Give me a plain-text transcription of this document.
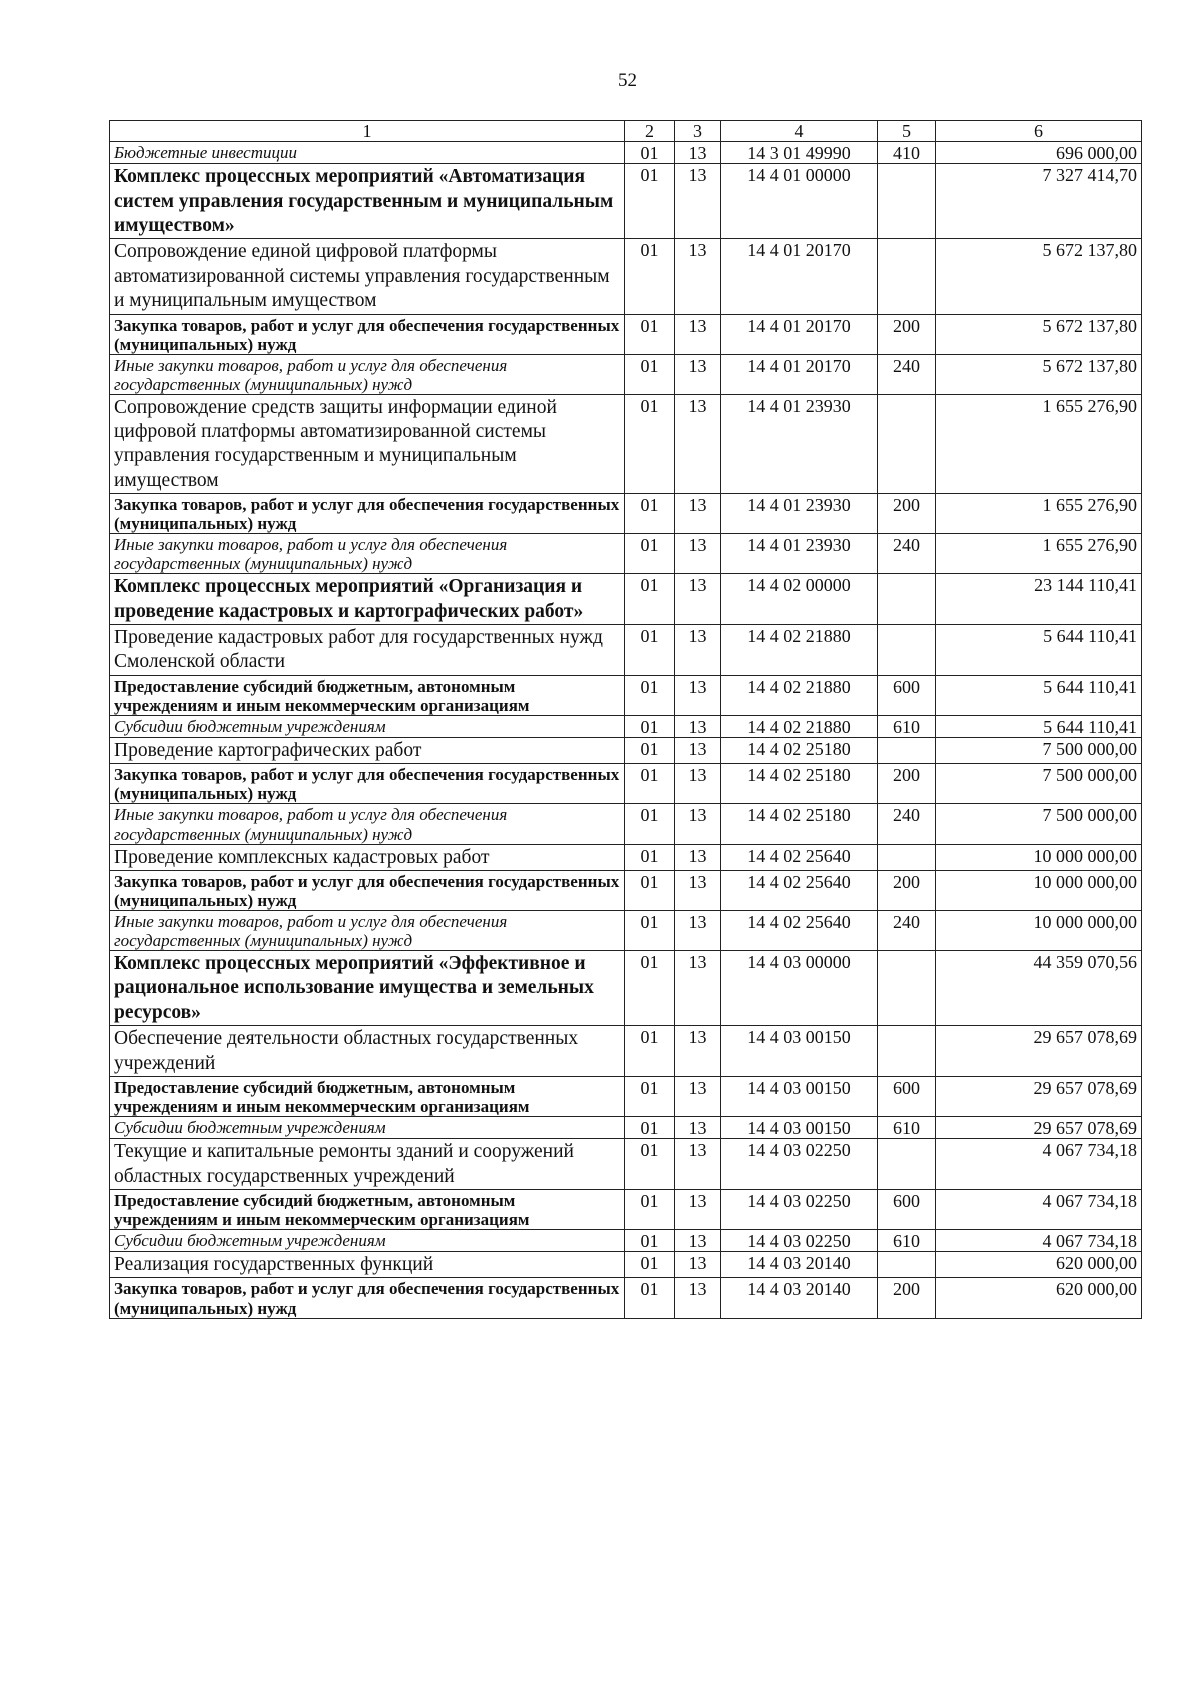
52
1	2	3	4	5	6
Бюджетные инвестиции	01	13	14 3 01 49990	410	696 000,00
Комплекс процессных мероприятий «Автоматизация систем управления государственным и муниципальным имуществом»	01	13	14 4 01 00000		7 327 414,70
Сопровождение единой цифровой платформы автоматизированной системы управления государственным и муниципальным имуществом	01	13	14 4 01 20170		5 672 137,80
Закупка товаров, работ и услуг для обеспечения государственных (муниципальных) нужд	01	13	14 4 01 20170	200	5 672 137,80
Иные закупки товаров, работ и услуг для обеспечения государственных (муниципальных) нужд	01	13	14 4 01 20170	240	5 672 137,80
Сопровождение средств защиты информации единой цифровой платформы автоматизированной системы управления государственным и муниципальным имуществом	01	13	14 4 01 23930		1 655 276,90
Закупка товаров, работ и услуг для обеспечения государственных (муниципальных) нужд	01	13	14 4 01 23930	200	1 655 276,90
Иные закупки товаров, работ и услуг для обеспечения государственных (муниципальных) нужд	01	13	14 4 01 23930	240	1 655 276,90
Комплекс процессных мероприятий «Организация и проведение кадастровых и картографических работ»	01	13	14 4 02 00000		23 144 110,41
Проведение кадастровых работ для государственных нужд Смоленской области	01	13	14 4 02 21880		5 644 110,41
Предоставление субсидий бюджетным, автономным учреждениям и иным некоммерческим организациям	01	13	14 4 02 21880	600	5 644 110,41
Субсидии бюджетным учреждениям	01	13	14 4 02 21880	610	5 644 110,41
Проведение картографических работ	01	13	14 4 02 25180		7 500 000,00
Закупка товаров, работ и услуг для обеспечения государственных (муниципальных) нужд	01	13	14 4 02 25180	200	7 500 000,00
Иные закупки товаров, работ и услуг для обеспечения государственных (муниципальных) нужд	01	13	14 4 02 25180	240	7 500 000,00
Проведение комплексных кадастровых работ	01	13	14 4 02 25640		10 000 000,00
Закупка товаров, работ и услуг для обеспечения государственных (муниципальных) нужд	01	13	14 4 02 25640	200	10 000 000,00
Иные закупки товаров, работ и услуг для обеспечения государственных (муниципальных) нужд	01	13	14 4 02 25640	240	10 000 000,00
Комплекс процессных мероприятий «Эффективное и рациональное использование имущества и земельных ресурсов»	01	13	14 4 03 00000		44 359 070,56
Обеспечение деятельности областных государственных учреждений	01	13	14 4 03 00150		29 657 078,69
Предоставление субсидий бюджетным, автономным учреждениям и иным некоммерческим организациям	01	13	14 4 03 00150	600	29 657 078,69
Субсидии бюджетным учреждениям	01	13	14 4 03 00150	610	29 657 078,69
Текущие и капитальные ремонты зданий и сооружений областных государственных учреждений	01	13	14 4 03 02250		4 067 734,18
Предоставление субсидий бюджетным, автономным учреждениям и иным некоммерческим организациям	01	13	14 4 03 02250	600	4 067 734,18
Субсидии бюджетным учреждениям	01	13	14 4 03 02250	610	4 067 734,18
Реализация государственных функций	01	13	14 4 03 20140		620 000,00
Закупка товаров, работ и услуг для обеспечения государственных (муниципальных) нужд	01	13	14 4 03 20140	200	620 000,00
